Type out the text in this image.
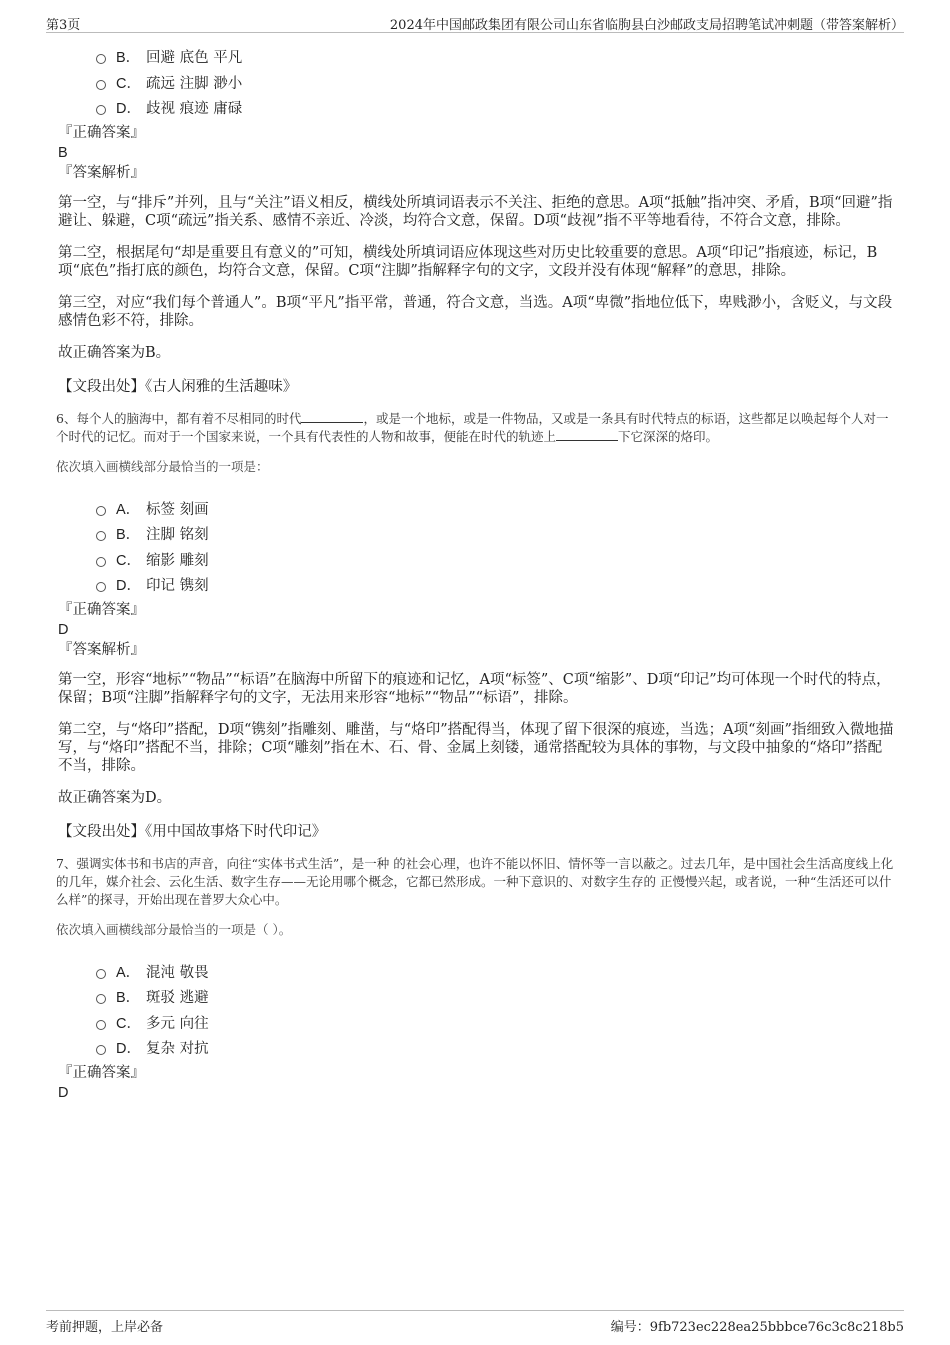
第3页	2024年中国邮政集团有限公司山东省临朐县白沙邮政支局招聘笔试冲刺题（带答案解析）
B． 回避 底色 平凡
C． 疏远 注脚 渺小
D． 歧视 痕迹 庸碌
『正确答案』
B
『答案解析』

第一空，与“排斥”并列，且与“关注”语义相反，横线处所填词语表示不关注、拒绝的意思。A项“抵触”指冲突、矛盾，B项“回避”指避让、躲避，C项“疏远”指关系、感情不亲近、冷淡，均符合文意，保留。D项“歧视”指不平等地看待，不符合文意，排除。

第二空，根据尾句“却是重要且有意义的”可知，横线处所填词语应体现这些对历史比较重要的意思。A项“印记”指痕迹，标记，B项“底色”指打底的颜色，均符合文意，保留。C项“注脚”指解释字句的文字，文段并没有体现“解释”的意思，排除。

第三空，对应“我们每个普通人”。B项“平凡”指平常，普通，符合文意，当选。A项“卑微”指地位低下，卑贱渺小，含贬义，与文段感情色彩不符，排除。

故正确答案为B。

【文段出处】《古人闲雅的生活趣味》

6、每个人的脑海中，都有着不尽相同的时代	，或是一个地标，或是一件物品，又或是一条具有时代特点的标语，这些都足以唤起每个人对一个时代的记忆。而对于一个国家来说，一个具有代表性的人物和故事，便能在时代的轨迹上	下它深深的烙印。

依次填入画横线部分最恰当的一项是：

A． 标签 刻画
B． 注脚 铭刻
C． 缩影 雕刻
D． 印记 镌刻
『正确答案』
D
『答案解析』

第一空，形容“地标”“物品”“标语”在脑海中所留下的痕迹和记忆，A项“标签”、C项“缩影”、D项“印记”均可体现一个时代的特点，保留；B项“注脚”指解释字句的文字，无法用来形容“地标”“物品”“标语”，排除。

第二空，与“烙印”搭配，D项“镌刻”指雕刻、雕凿，与“烙印”搭配得当，体现了留下很深的痕迹，当选；A项“刻画”指细致入微地描写，与“烙印”搭配不当，排除；C项“雕刻”指在木、石、骨、金属上刻镂，通常搭配较为具体的事物，与文段中抽象的“烙印”搭配不当，排除。

故正确答案为D。

【文段出处】《用中国故事烙下时代印记》

7、强调实体书和书店的声音，向往“实体书式生活”，是一种 的社会心理，也许不能以怀旧、情怀等一言以蔽之。过去几年，是中国社会生活高度线上化的几年，媒介社会、云化生活、数字生存——无论用哪个概念，它都已然形成。一种下意识的、对数字生存的 正慢慢兴起，或者说，一种“生活还可以什么样”的探寻，开始出现在普罗大众心中。

依次填入画横线部分最恰当的一项是（ ）。

A． 混沌 敬畏
B． 斑驳 逃避
C． 多元 向往
D． 复杂 对抗
『正确答案』
D
考前押题，上岸必备	编号：9fb723ec228ea25bbbce76c3c8c218b5
